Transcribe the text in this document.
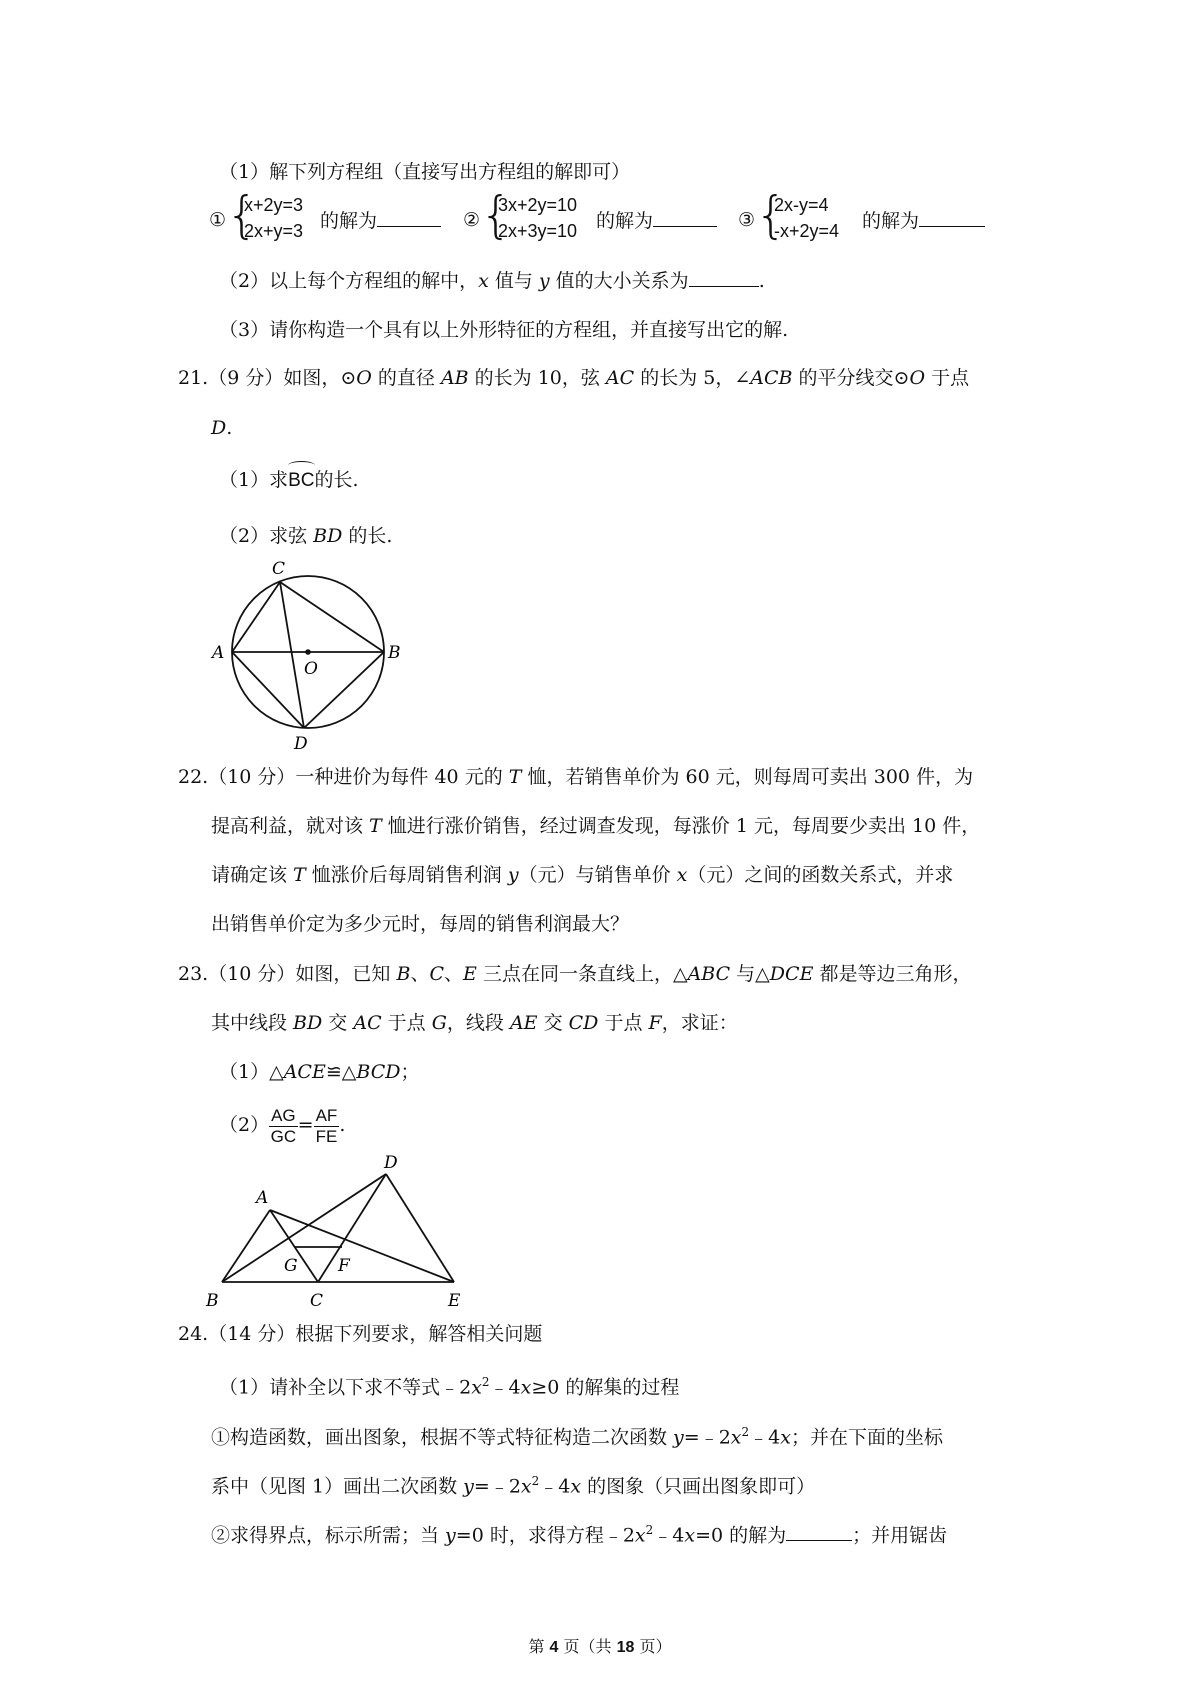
（1）解下列方程组（直接写出方程组的解即可）
① {
x+2y=3
2x+y=3 的解为	② {
3x+2y=10
2x+3y=10 的解为	③ {
2x-y=4
-x+2y=4 的解为
（2）以上每个方程组的解中，x 值与 y 值的大小关系为	.
（3）请你构造一个具有以上外形特征的方程组，并直接写出它的解.
21.（9 分）如图，⊙O 的直径 AB 的长为 10，弦 AC 的长为 5，∠ACB 的平分线交⊙O 于点
D.
（1）求BC的长.
（2）求弦 BD 的长.
C
A	B
O
D
22.（10 分）一种进价为每件 40 元的 T 恤，若销售单价为 60 元，则每周可卖出 300 件，为
提高利益，就对该 T 恤进行涨价销售，经过调查发现，每涨价 1 元，每周要少卖出 10 件，
请确定该 T 恤涨价后每周销售利润 y（元）与销售单价 x（元）之间的函数关系式，并求
出销售单价定为多少元时，每周的销售利润最大？
23.（10 分）如图，已知 B、C、E 三点在同一条直线上，△ABC 与△DCE 都是等边三角形，
其中线段 BD 交 AC 于点 G，线段 AE 交 CD 于点 F，求证：
（1）△ACE≌△BCD；
$(2) \frac{AG}{GC} = \frac{AF}{FE}$ .
A
B	C
D
E
G F
24.（14 分）根据下列要求，解答相关问题
（1）请补全以下求不等式$﹣2x^2﹣4x\ge 0$ 的解集的过程
①构造函数，画出图象，根据不等式特征构造二次函数 $y=﹣2x^2﹣4x$；并在下面的坐标
系中（见图 1）画出二次函数 $y=﹣2x^2﹣4x$ 的图象（只画出图象即可）
②求得界点，标示所需；当 y=0 时，求得方程$﹣2x^2﹣4x=0$ 的解为	；并用锯齿
第 4 页（共 18 页）
